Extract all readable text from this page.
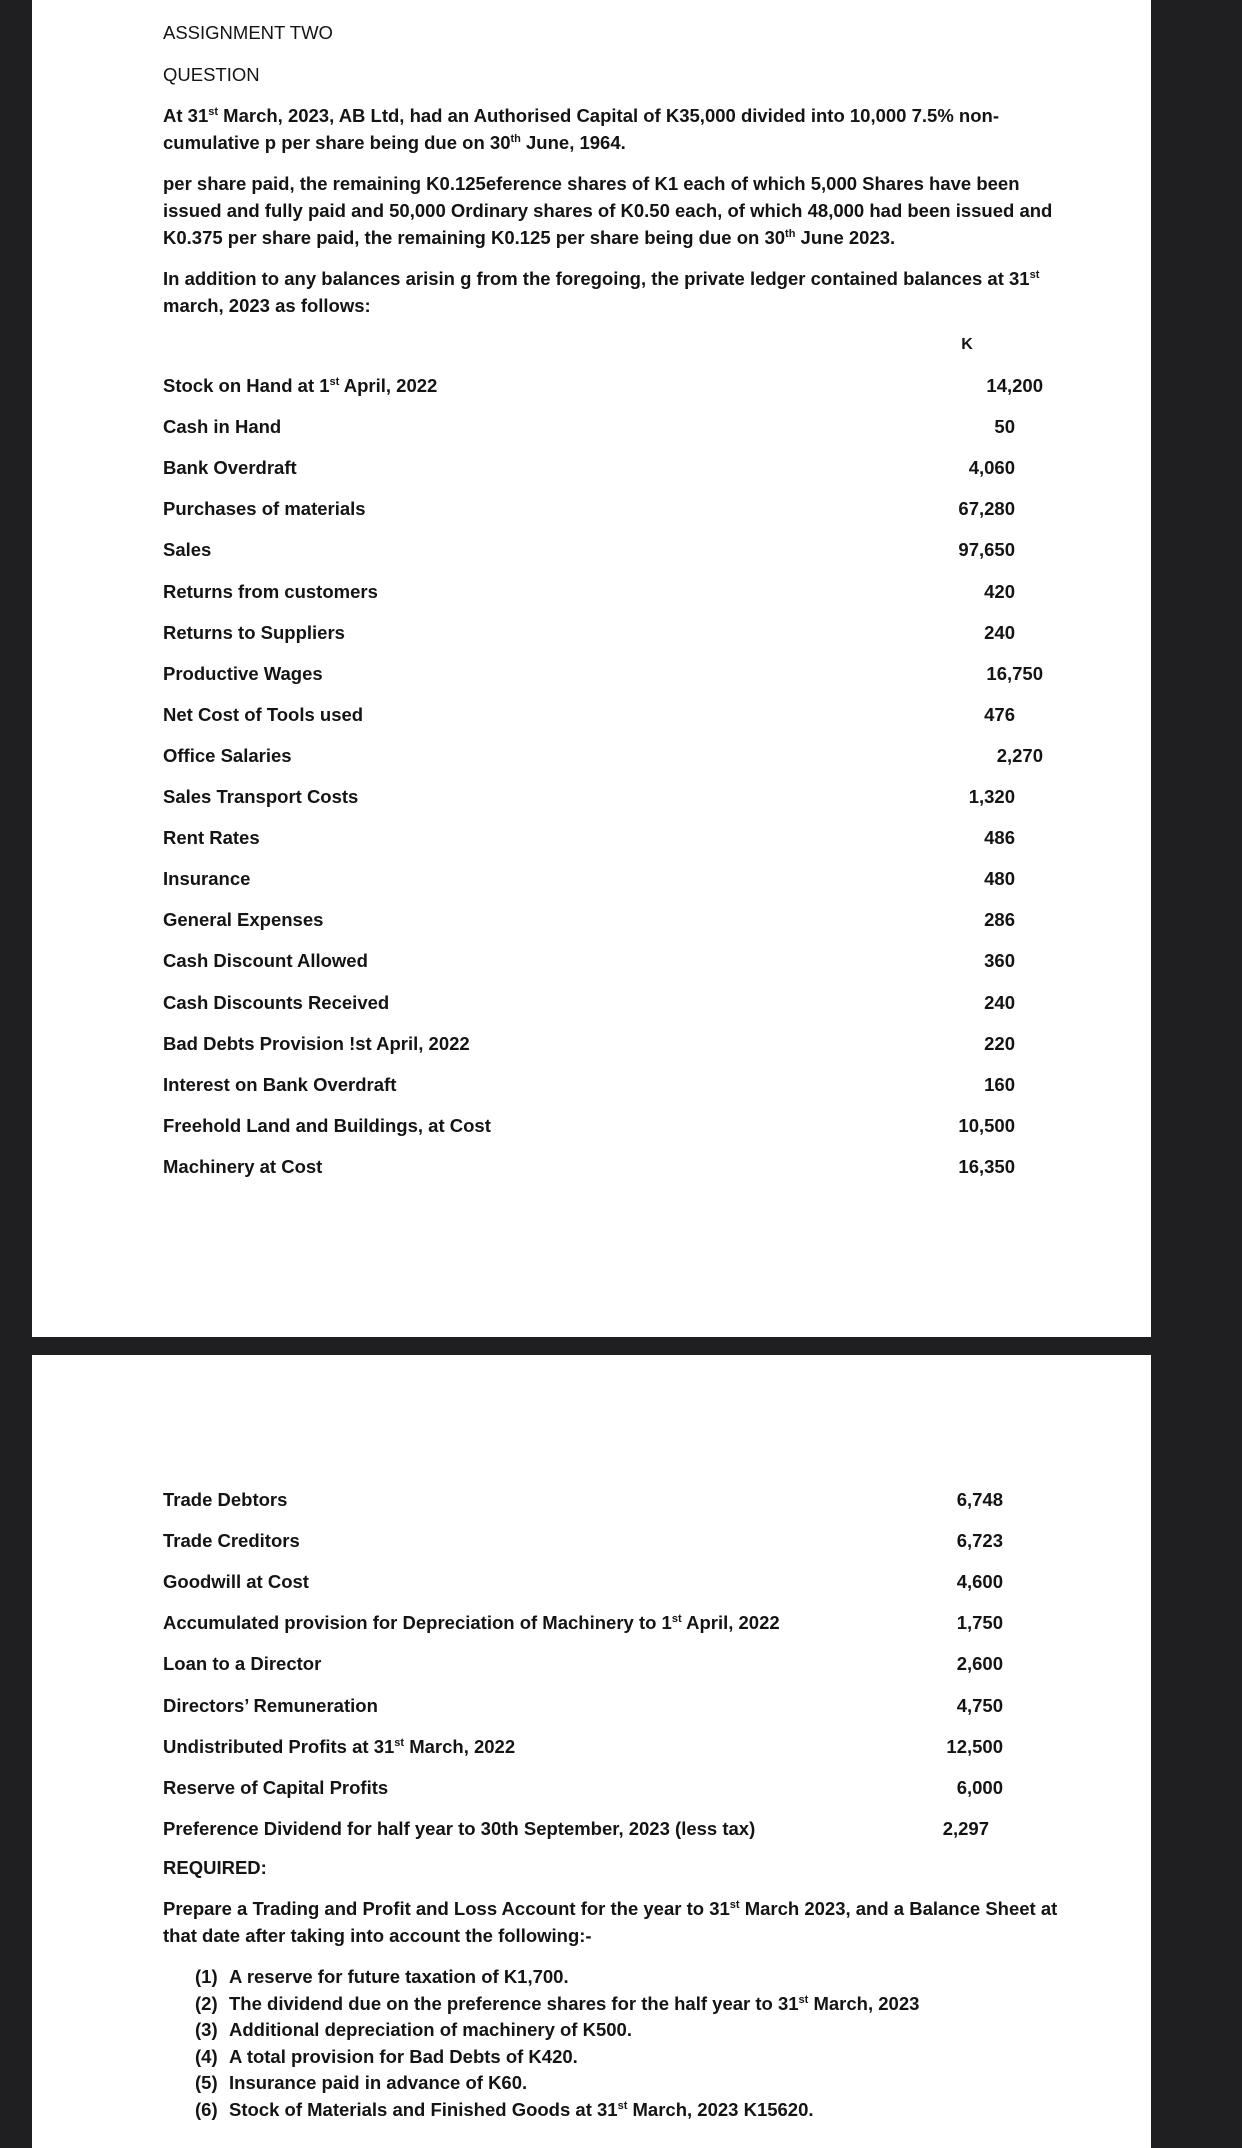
ASSIGNMENT TWO
QUESTION
At 31st March, 2023, AB Ltd, had an Authorised Capital of K35,000 divided into 10,000 7.5% non-
cumulative p per share being due on 30th June, 1964.
per share paid, the remaining K0.125eference shares of K1 each of which 5,000 Shares have been
issued and fully paid and 50,000 Ordinary shares of K0.50 each, of which 48,000 had been issued and
K0.375 per share paid, the remaining K0.125 per share being due on 30th June 2023.
In addition to any balances arisin g from the foregoing, the private ledger contained balances at 31st
march, 2023 as follows:
K
Stock on Hand at 1st April, 2022	14,200
Cash in Hand	50
Bank Overdraft	4,060
Purchases of materials	67,280
Sales	97,650
Returns from customers	420
Returns to Suppliers	240
Productive Wages	16,750
Net Cost of Tools used	476
Office Salaries	2,270
Sales Transport Costs	1,320
Rent Rates	486
Insurance	480
General Expenses	286
Cash Discount Allowed	360
Cash Discounts Received	240
Bad Debts Provision !st April, 2022	220
Interest on Bank Overdraft	160
Freehold Land and Buildings, at Cost	10,500
Machinery at Cost	16,350
Trade Debtors	6,748
Trade Creditors	6,723
Goodwill at Cost	4,600
Accumulated provision for Depreciation of Machinery to 1st April, 2022	1,750
Loan to a Director	2,600
Directors’ Remuneration	4,750
Undistributed Profits at 31st March, 2022	12,500
Reserve of Capital Profits	6,000
Preference Dividend for half year to 30th September, 2023 (less tax)	2,297
REQUIRED:
Prepare a Trading and Profit and Loss Account for the year to 31st March 2023, and a Balance Sheet at
that date after taking into account the following:-
(1) A reserve for future taxation of K1,700.
(2) The dividend due on the preference shares for the half year to 31st March, 2023
(3) Additional depreciation of machinery of K500.
(4) A total provision for Bad Debts of K420.
(5) Insurance paid in advance of K60.
(6) Stock of Materials and Finished Goods at 31st March, 2023 K15620.
